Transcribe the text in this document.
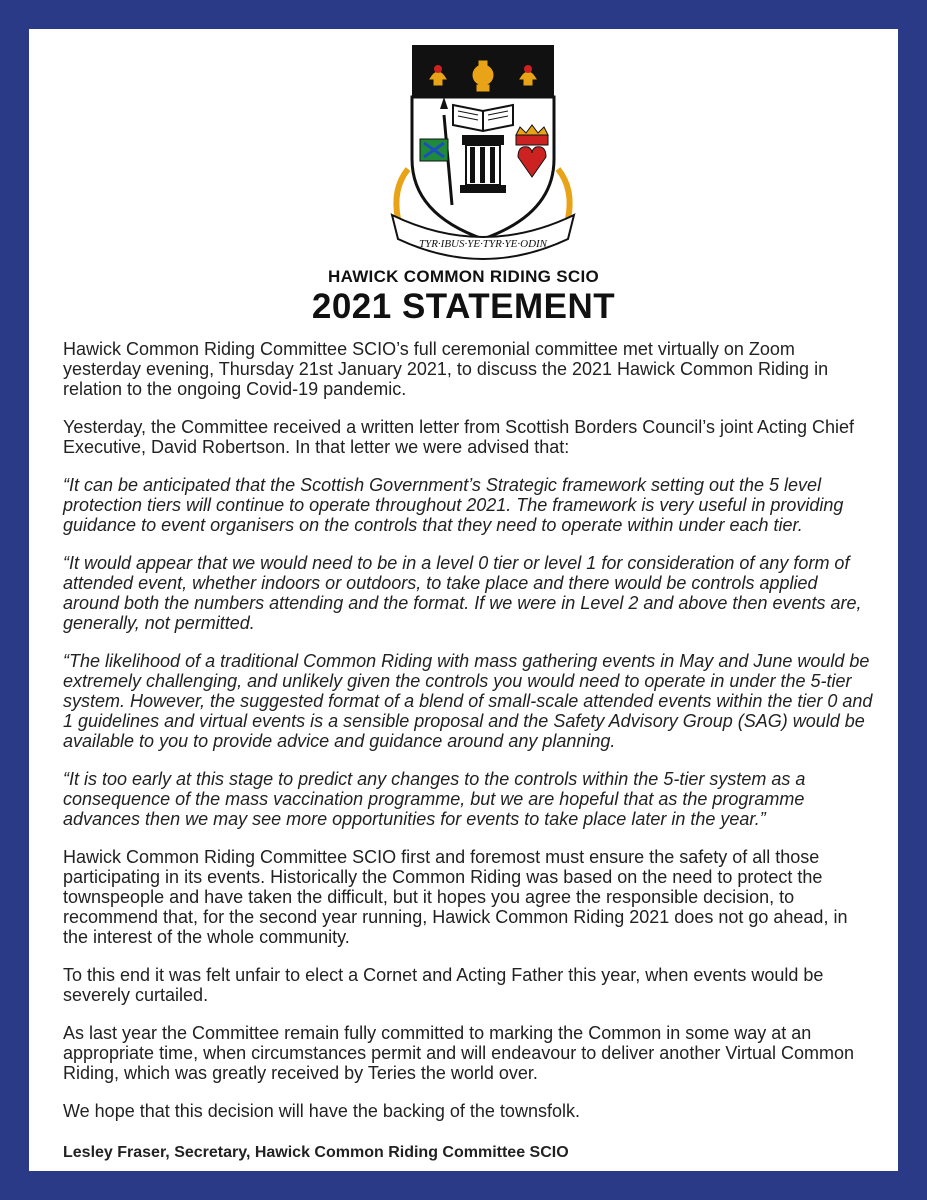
TYR·IBUS·YE·TYR·YE·ODIN
HAWICK COMMON RIDING SCIO
2021 STATEMENT

Hawick Common Riding Committee SCIO’s full ceremonial committee met virtually on Zoom yesterday evening, Thursday 21st January 2021, to discuss the 2021 Hawick Common Riding in relation to the ongoing Covid-19 pandemic.

Yesterday, the Committee received a written letter from Scottish Borders Council’s joint Acting Chief Executive, David Robertson. In that letter we were advised that:

“It can be anticipated that the Scottish Government’s Strategic framework setting out the 5 level protection tiers will continue to operate throughout 2021. The framework is very useful in providing guidance to event organisers on the controls that they need to operate within under each tier.

“It would appear that we would need to be in a level 0 tier or level 1 for consideration of any form of attended event, whether indoors or outdoors, to take place and there would be controls applied around both the numbers attending and the format. If we were in Level 2 and above then events are, generally, not permitted.

“The likelihood of a traditional Common Riding with mass gathering events in May and June would be extremely challenging, and unlikely given the controls you would need to operate in under the 5-tier system. However, the suggested format of a blend of small-scale attended events within the tier 0 and 1 guidelines and virtual events is a sensible proposal and the Safety Advisory Group (SAG) would be available to you to provide advice and guidance around any planning.

“It is too early at this stage to predict any changes to the controls within the 5-tier system as a consequence of the mass vaccination programme, but we are hopeful that as the programme advances then we may see more opportunities for events to take place later in the year.”

Hawick Common Riding Committee SCIO first and foremost must ensure the safety of all those participating in its events. Historically the Common Riding was based on the need to protect the townspeople and have taken the difficult, but it hopes you agree the responsible decision, to recommend that, for the second year running, Hawick Common Riding 2021 does not go ahead, in the interest of the whole community.

To this end it was felt unfair to elect a Cornet and Acting Father this year, when events would be severely curtailed.

As last year the Committee remain fully committed to marking the Common in some way at an appropriate time, when circumstances permit and will endeavour to deliver another Virtual Common Riding, which was greatly received by Teries the world over.

We hope that this decision will have the backing of the townsfolk.

Lesley Fraser, Secretary, Hawick Common Riding Committee SCIO
